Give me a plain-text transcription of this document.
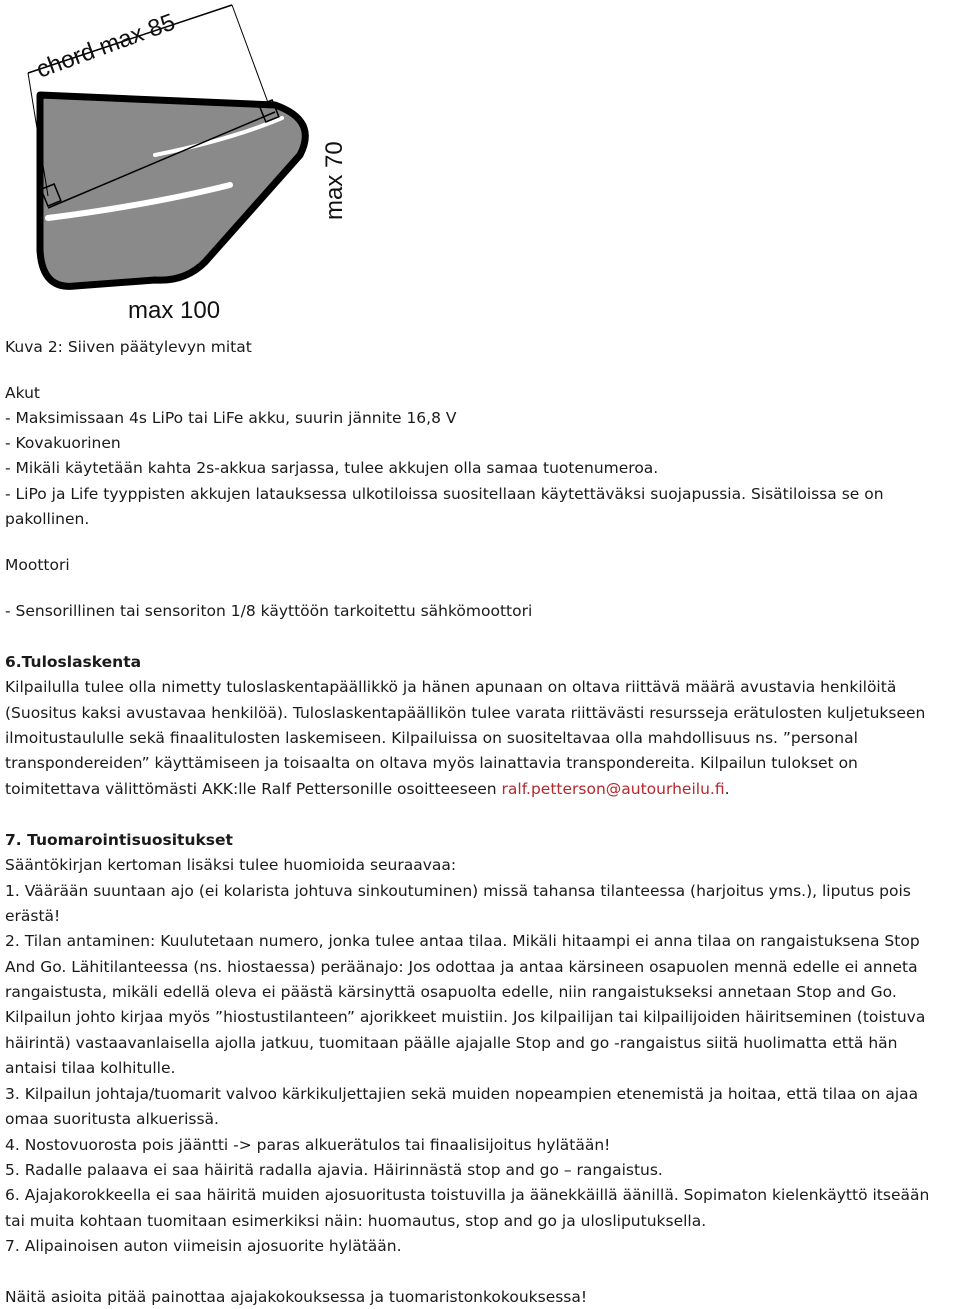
chord max 85
max 70
max 100
Kuva 2: Siiven päätylevyn mitat
Akut
- Maksimissaan 4s LiPo tai LiFe akku, suurin jännite 16,8 V
- Kovakuorinen
- Mikäli käytetään kahta 2s-akkua sarjassa, tulee akkujen olla samaa tuotenumeroa.
- LiPo ja Life tyyppisten akkujen latauksessa ulkotiloissa suositellaan käytettäväksi suojapussia. Sisätiloissa se on
pakollinen.
Moottori
- Sensorillinen tai sensoriton 1/8 käyttöön tarkoitettu sähkömoottori
6.Tuloslaskenta
Kilpailulla tulee olla nimetty tuloslaskentapäällikkö ja hänen apunaan on oltava riittävä määrä avustavia henkilöitä
(Suositus kaksi avustavaa henkilöä). Tuloslaskentapäällikön tulee varata riittävästi resursseja erätulosten kuljetukseen
ilmoitustaululle sekä finaalitulosten laskemiseen. Kilpailuissa on suositeltavaa olla mahdollisuus ns. ”personal
transpondereiden” käyttämiseen ja toisaalta on oltava myös lainattavia transpondereita. Kilpailun tulokset on
toimitettava välittömästi AKK:lle Ralf Pettersonille osoitteeseen ralf.petterson@autourheilu.fi.
7. Tuomarointisuositukset
Sääntökirjan kertoman lisäksi tulee huomioida seuraavaa:
1. Väärään suuntaan ajo (ei kolarista johtuva sinkoutuminen) missä tahansa tilanteessa (harjoitus yms.), liputus pois
erästä!
2. Tilan antaminen: Kuulutetaan numero, jonka tulee antaa tilaa. Mikäli hitaampi ei anna tilaa on rangaistuksena Stop
And Go. Lähitilanteessa (ns. hiostaessa) peräänajo: Jos odottaa ja antaa kärsineen osapuolen mennä edelle ei anneta
rangaistusta, mikäli edellä oleva ei päästä kärsinyttä osapuolta edelle, niin rangaistukseksi annetaan Stop and Go.
Kilpailun johto kirjaa myös ”hiostustilanteen” ajorikkeet muistiin. Jos kilpailijan tai kilpailijoiden häiritseminen (toistuva
häirintä) vastaavanlaisella ajolla jatkuu, tuomitaan päälle ajajalle Stop and go -rangaistus siitä huolimatta että hän
antaisi tilaa kolhitulle.
3. Kilpailun johtaja/tuomarit valvoo kärkikuljettajien sekä muiden nopeampien etenemistä ja hoitaa, että tilaa on ajaa
omaa suoritusta alkuerissä.
4. Nostovuorosta pois jääntti -> paras alkuerätulos tai finaalisijoitus hylätään!
5. Radalle palaava ei saa häiritä radalla ajavia. Häirinnästä stop and go – rangaistus.
6. Ajajakorokkeella ei saa häiritä muiden ajosuoritusta toistuvilla ja äänekkäillä äänillä. Sopimaton kielenkäyttö itseään
tai muita kohtaan tuomitaan esimerkiksi näin: huomautus, stop and go ja ulosliputuksella.
7. Alipainoisen auton viimeisin ajosuorite hylätään.
Näitä asioita pitää painottaa ajajakokouksessa ja tuomaristonkokouksessa!
